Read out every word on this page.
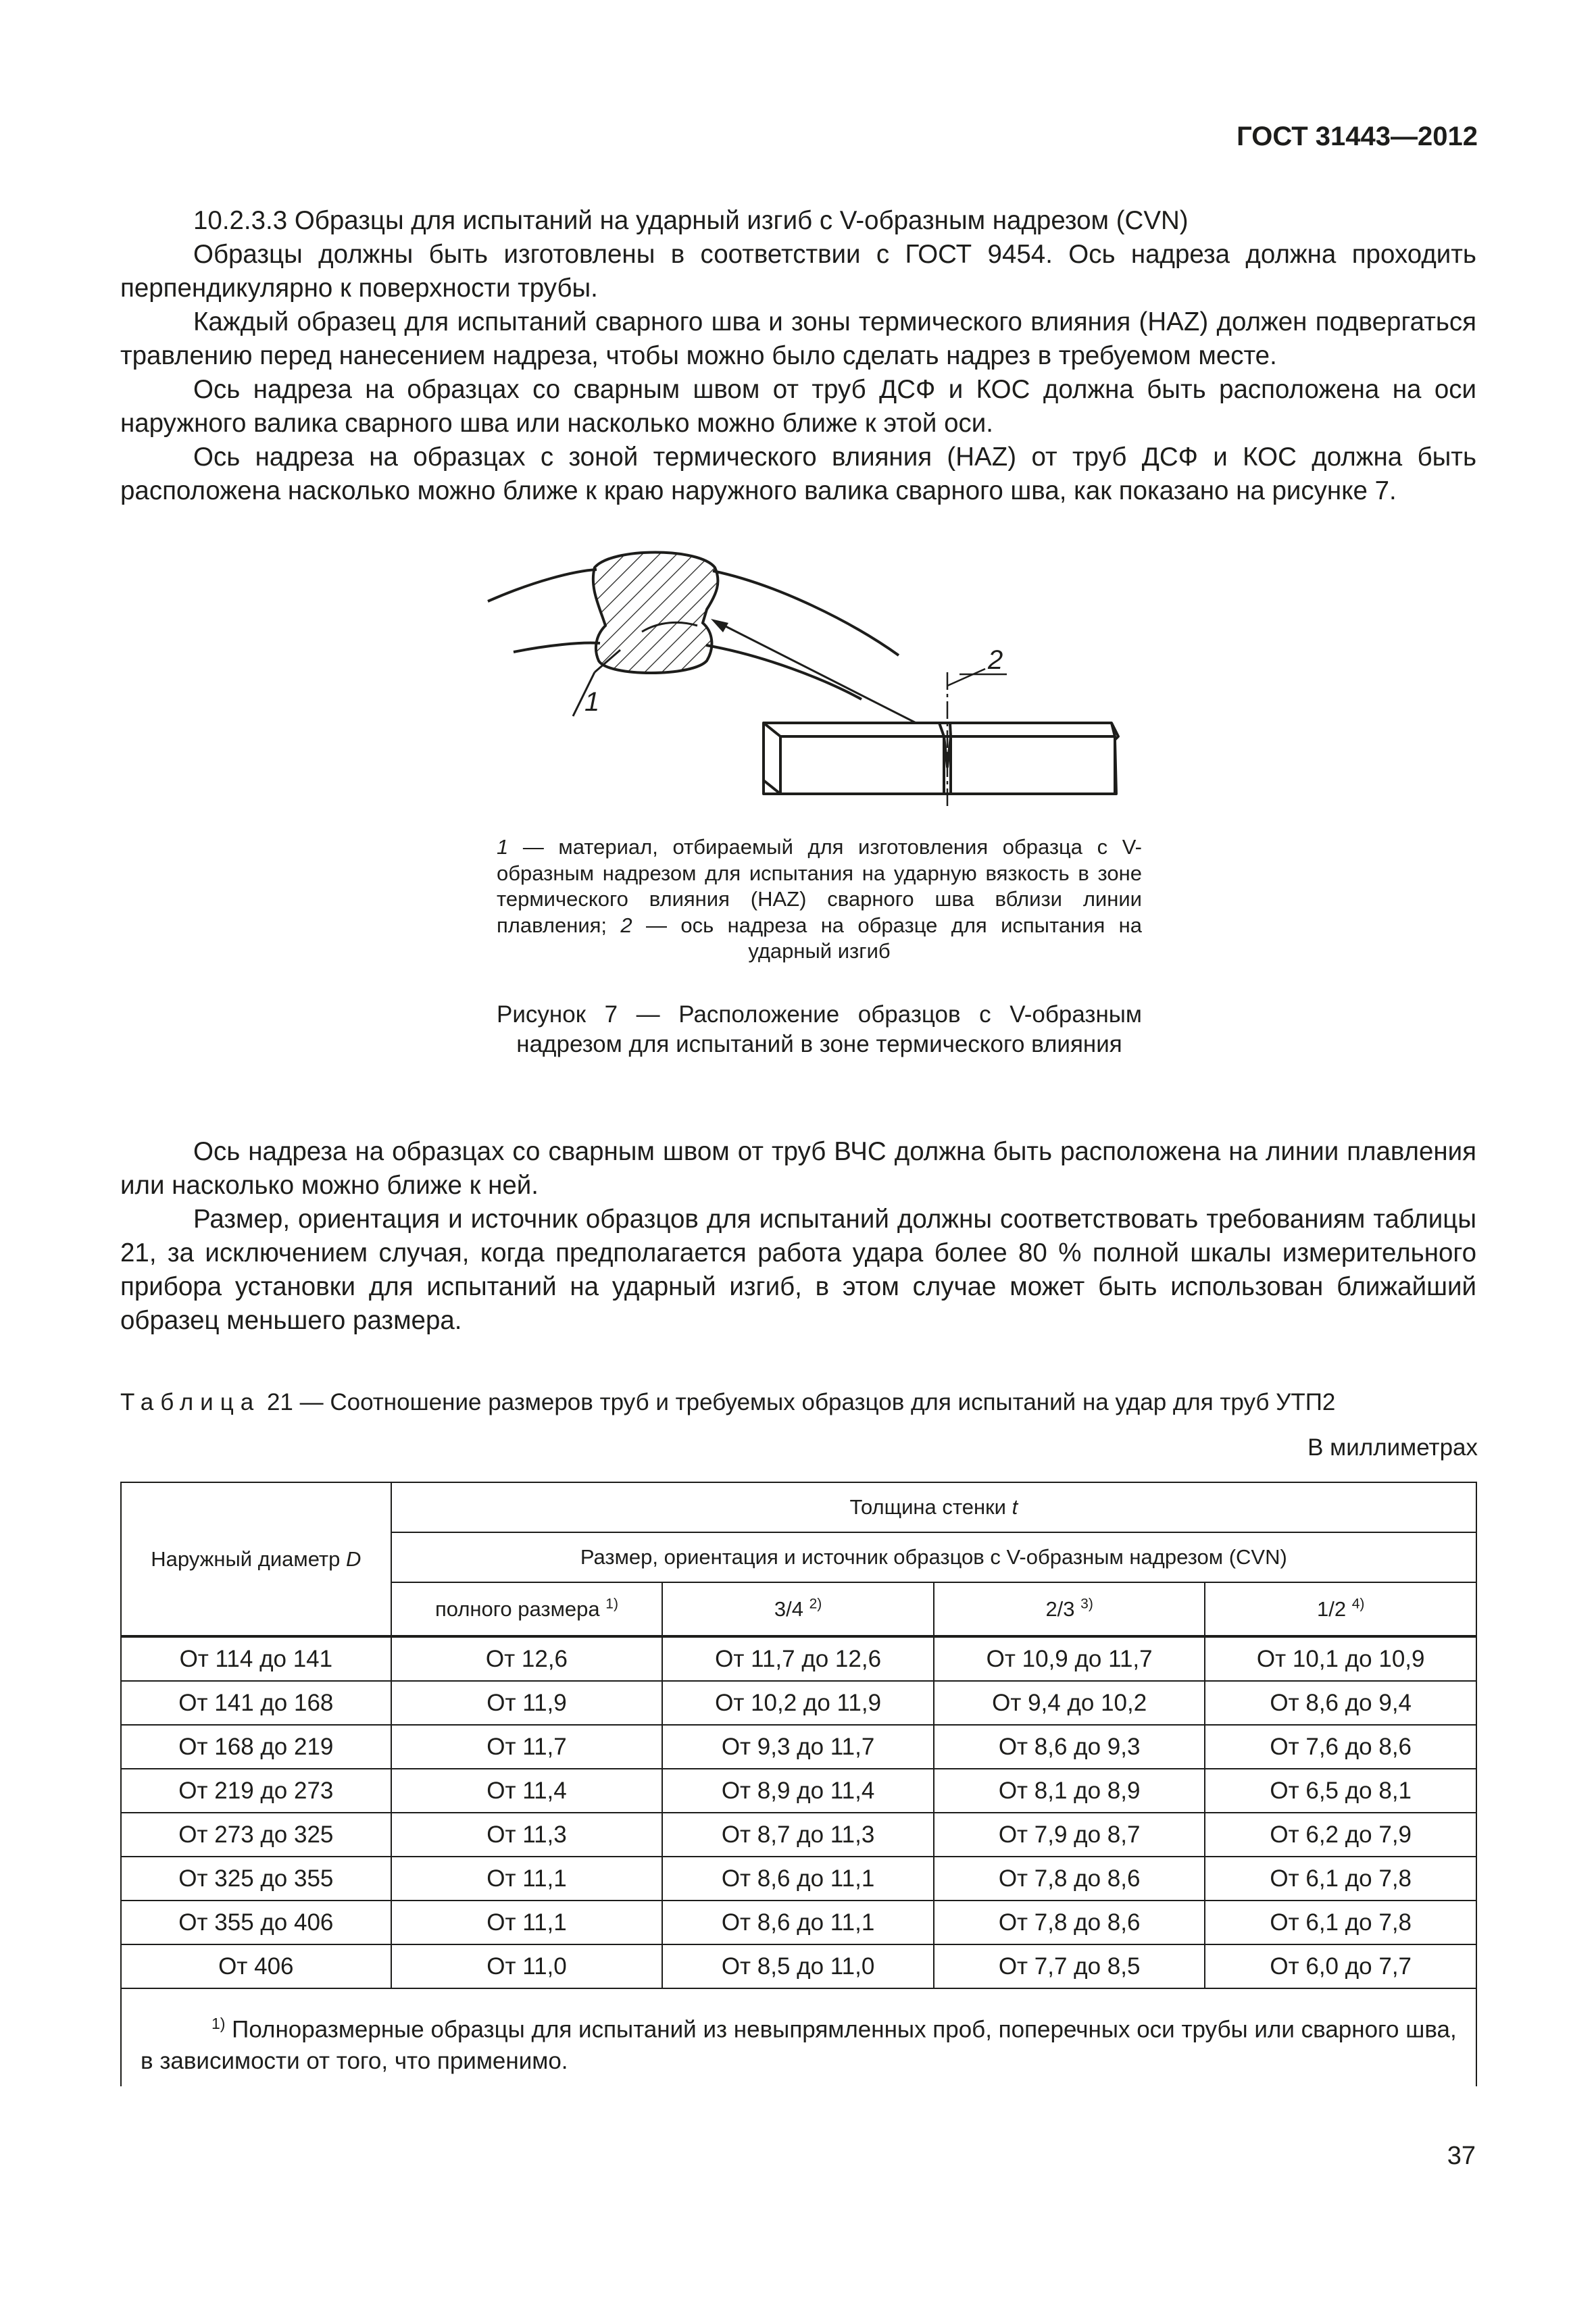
ГОСТ 31443—2012

10.2.3.3 Образцы для испытаний на ударный изгиб с V-образным надрезом (CVN)

Образцы должны быть изготовлены в соответствии с ГОСТ 9454. Ось надреза должна проходить перпендикулярно к поверхности трубы.

Каждый образец для испытаний сварного шва и зоны термического влияния (HAZ) должен подвергаться травлению перед нанесением надреза, чтобы можно было сделать надрез в требуемом месте.

Ось надреза на образцах со сварным швом от труб ДСФ и КОС должна быть расположена на оси наружного валика сварного шва или насколько можно ближе к этой оси.

Ось надреза на образцах с зоной термического влияния (HAZ) от труб ДСФ и КОС должна быть расположена насколько можно ближе к краю наружного валика сварного шва, как показано на рисунке 7.

1
2
1 — материал, отбираемый для изготовления образца с V-образным надрезом для испытания на ударную вязкость в зоне термического влияния (HAZ) сварного шва вблизи линии плавления; 2 — ось надреза на образце для испытания на ударный изгиб
Рисунок 7 — Расположение образцов с V-образным надрезом для испытаний в зоне термического влияния

Ось надреза на образцах со сварным швом от труб ВЧС должна быть расположена на линии плавления или насколько можно ближе к ней.

Размер, ориентация и источник образцов для испытаний должны соответствовать требованиям таблицы 21, за исключением случая, когда предполагается работа удара более 80 % полной шкалы измерительного прибора установки для испытаний на ударный изгиб, в этом случае может быть использован ближайший образец меньшего размера.

Таблица 21 — Соотношение размеров труб и требуемых образцов для испытаний на удар для труб УТП2
В миллиметрах
Наружный диаметр D	Толщина стенки t			
	Размер, ориентация и источник образцов с V-образным надрезом (CVN)			
	полного размера $^{1)}$	3/4 $^{2)}$	2/3 $^{3)}$	1/2 $^{4)}$
От 114 до 141	От 12,6	От 11,7 до 12,6	От 10,9 до 11,7	От 10,1 до 10,9
От 141 до 168	От 11,9	От 10,2 до 11,9	От 9,4 до 10,2	От 8,6 до 9,4
От 168 до 219	От 11,7	От 9,3 до 11,7	От 8,6 до 9,3	От 7,6 до 8,6
От 219 до 273	От 11,4	От 8,9 до 11,4	От 8,1 до 8,9	От 6,5 до 8,1
От 273 до 325	От 11,3	От 8,7 до 11,3	От 7,9 до 8,7	От 6,2 до 7,9
От 325 до 355	От 11,1	От 8,6 до 11,1	От 7,8 до 8,6	От 6,1 до 7,8
От 355 до 406	От 11,1	От 8,6 до 11,1	От 7,8 до 8,6	От 6,1 до 7,8
От 406	От 11,0	От 8,5 до 11,0	От 7,7 до 8,5	От 6,0 до 7,7
$^{1)}$ Полноразмерные образцы для испытаний из невыпрямленных проб, поперечных оси трубы или сварного шва, в зависимости от того, что применимо.				
37
